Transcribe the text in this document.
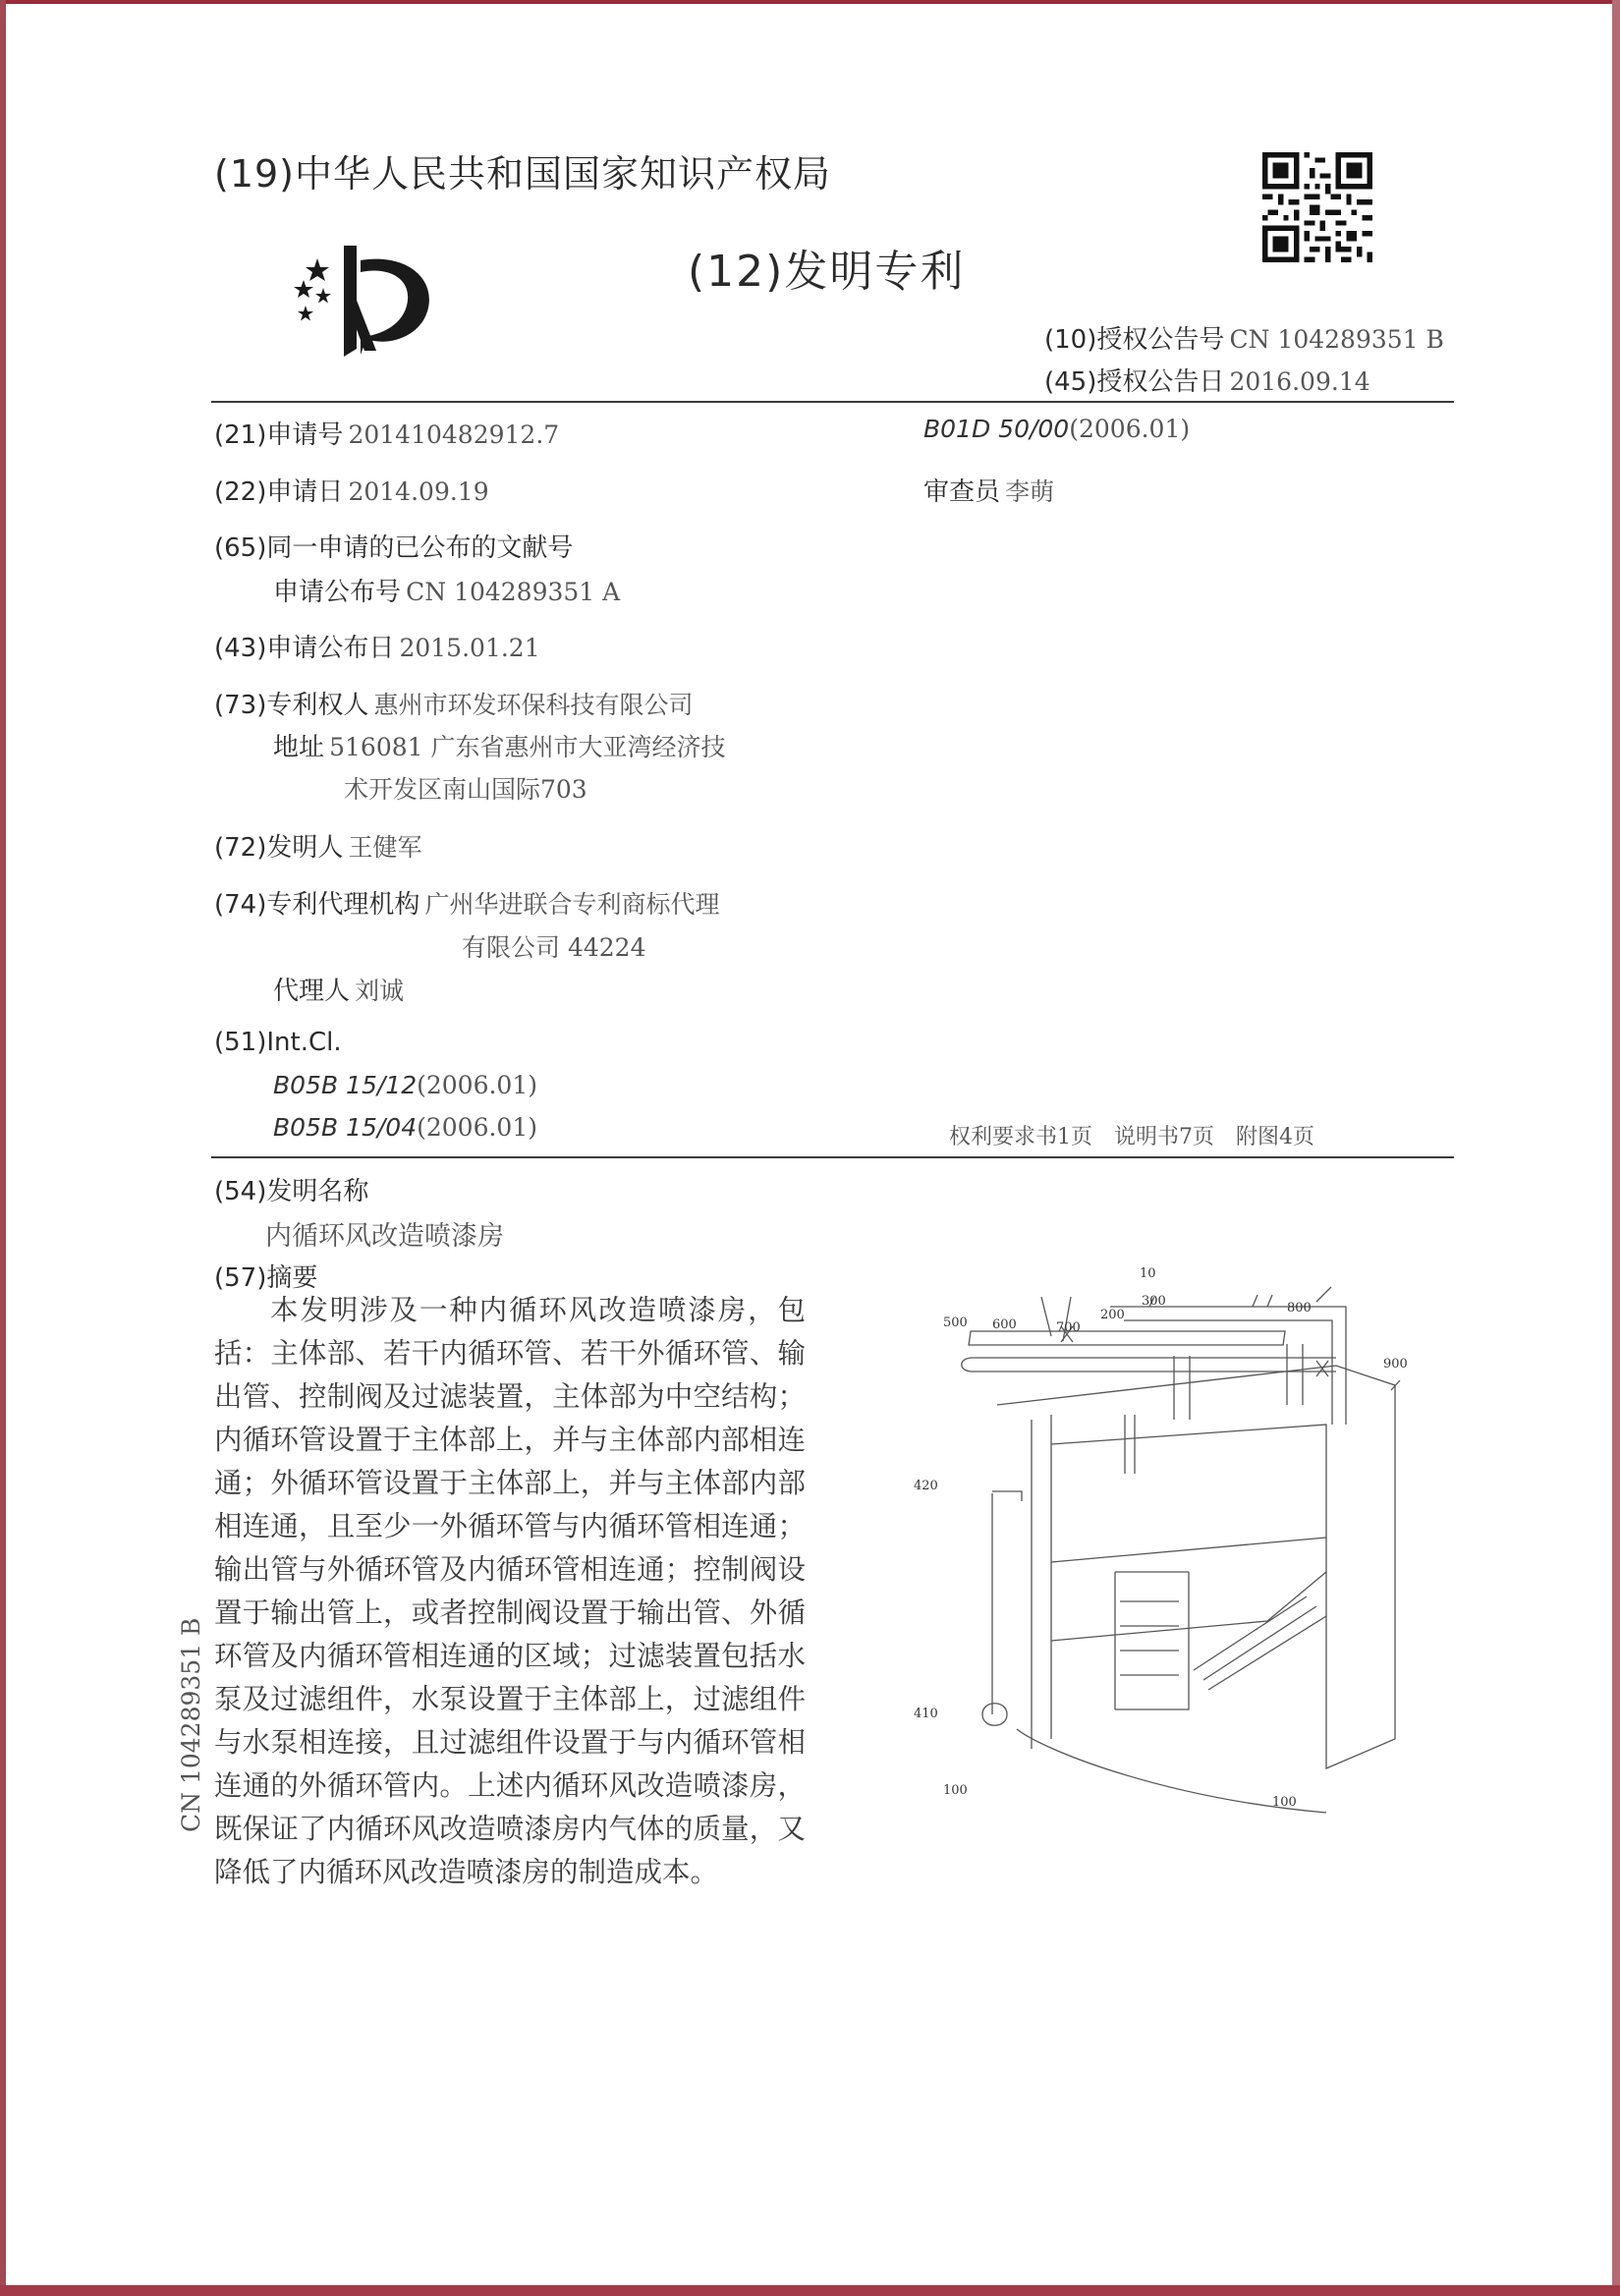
(19)中华人民共和国国家知识产权局
(12)发明专利
(10)授权公告号 CN 104289351 B
(45)授权公告日 2016.09.14
(21)申请号 201410482912.7
(22)申请日 2014.09.19
(65)同一申请的已公布的文献号
申请公布号 CN 104289351 A
(43)申请公布日 2015.01.21
(73)专利权人 惠州市环发环保科技有限公司
地址 516081 广东省惠州市大亚湾经济技
术开发区南山国际703
(72)发明人 王健军
(74)专利代理机构 广州华进联合专利商标代理
有限公司 44224
代理人 刘诚
(51)Int.Cl.
B05B 15/12(2006.01)
B05B 15/04(2006.01)
B01D 50/00(2006.01)
审查员 李萌
权利要求书1页　说明书7页　附图4页
(54)发明名称
内循环风改造喷漆房
(57)摘要

本发明涉及一种内循环风改造喷漆房，包括：主体部、若干内循环管、若干外循环管、输出管、控制阀及过滤装置，主体部为中空结构；内循环管设置于主体部上，并与主体部内部相连通；外循环管设置于主体部上，并与主体部内部相连通，且至少一外循环管与内循环管相连通；输出管与外循环管及内循环管相连通；控制阀设置于输出管上，或者控制阀设置于输出管、外循环管及内循环管相连通的区域；过滤装置包括水泵及过滤组件，水泵设置于主体部上，过滤组件与水泵相连接，且过滤组件设置于与内循环管相连通的外循环管内。上述内循环风改造喷漆房，既保证了内循环风改造喷漆房内气体的质量，又降低了内循环风改造喷漆房的制造成本。

CN 104289351 B
10
500 600	700
200
300	800
900
420
410
100
100
